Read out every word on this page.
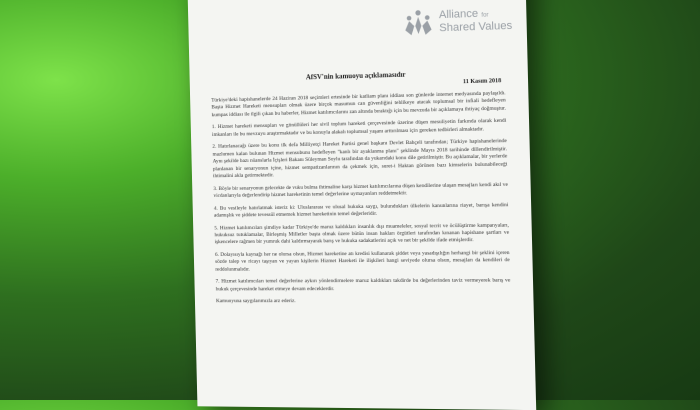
Alliance for
Shared Values
AfSV'nin kamuoyu açıklamasıdır
11 Kasım 2018

Türkiye'deki hapishanelerde 24 Haziran 2018 seçimleri ertesinde bir katliam planı iddiası son günlerde internet medyasında paylaşıldı. Başta Hizmet Hareketi mensupları olmak üzere birçok masumun can güvenliğini tehlikeye atacak toplumsal bir infiali hedefleyen kumpas iddiası ile ilgili çıkan bu haberler, Hizmet katılımcılarını zan altında bıraktığı için bu mevzuda bir açıklamaya ihtiyaç doğmuştur.

1. Hizmet hareketi mensupları ve gönüllüleri her sivil toplum hareketi çerçevesinde üzerine düşen mesuliyetin farkında olarak kendi imkanları ile bu mevzuyu araştırmaktadır ve bu konuyla alakalı toplumsal yaşanı arttırılması için gereken tedbirleri almaktadır.

2. Hatırlanacağı üzere bu konu ilk defa Milliyetçi Hareket Partisi genel başkanı Devlet Bahçeli tarafından; Türkiye hapishanelerinde mazlumen kalan bulunan Hizmet mensubunu hedefleyen "kanlı bir ayaklanma planı" şeklinde Mayıs 2018 tarihinde dillendirilmiştir. Aynı şekilde bazı nüanslarla İçişleri Bakanı Süleyman Soylu tarafından da yukarıdaki konu dile getirilmiştir. Bu açıklamalar, bir yerlerde planlanan bir senaryonun içine, hizmet sempatizanlarının da çekmek için, suret-i Haktan görünen bazı kimselerin bulunabileceği ihtimalini akla getirmektedir.

3. Böyle bir senaryonun gelecekte de vuku bulma ihtimaline karşı hizmet katılımcılarına düşen kendilerine ulaşan mesajları kendi akıl ve vicdanlarıyla değerlendirip hizmet hareketinin temel değerlerine uymayanları reddetmektir.

4. Bu vesileyle hatırlatmak isteriz ki: Uluslararası ve ulusal hukuka saygı, bulundukları ülkelerin kanunlarına riayet, barışa kendini adamışlık ve şiddete tevessül etmemek hizmet hareketinin temel değerleridir.

5. Hizmet katılımcıları şimdiye kadar Türkiye'de maruz kaldıkları insanlık dışı muameleler, sosyal tecrit ve öcülüştirme kampanyaları, hukuksuz tutuklamalar, Birleşmiş Milletler başta olmak üzere bütün insan hakları örgütleri tarafından kınanan hapishane şartları ve işkencelere rağmen bir yumruk dahi kaldırmayarak barış ve hukuka sadakatlerini açık ve net bir şekilde ifade etmişlerdir.

6. Dolayısıyla kaynağı her ne olursa olsun, Hizmet hareketine atı kredisi kullanarak şiddet veya yasadışılığın herhangi bir şeklini içeren sözde talep ve ricayı taşıyan ve yayan kişilerin Hizmet Hareketi ile ilişkileri hangi seviyede olursa olsun, mesajları da kendileri de reddolunmalıdır.

7. Hizmet katılımcıları temel değerlerine aykırı yönlendirmelere maruz kaldıkları takdirde bu değerlerinden taviz vermeyerek barış ve hukuk çerçevesinde hareket etmeye devam edeceklerdir.

Kamuoyuna saygılarımızla arz ederiz.
